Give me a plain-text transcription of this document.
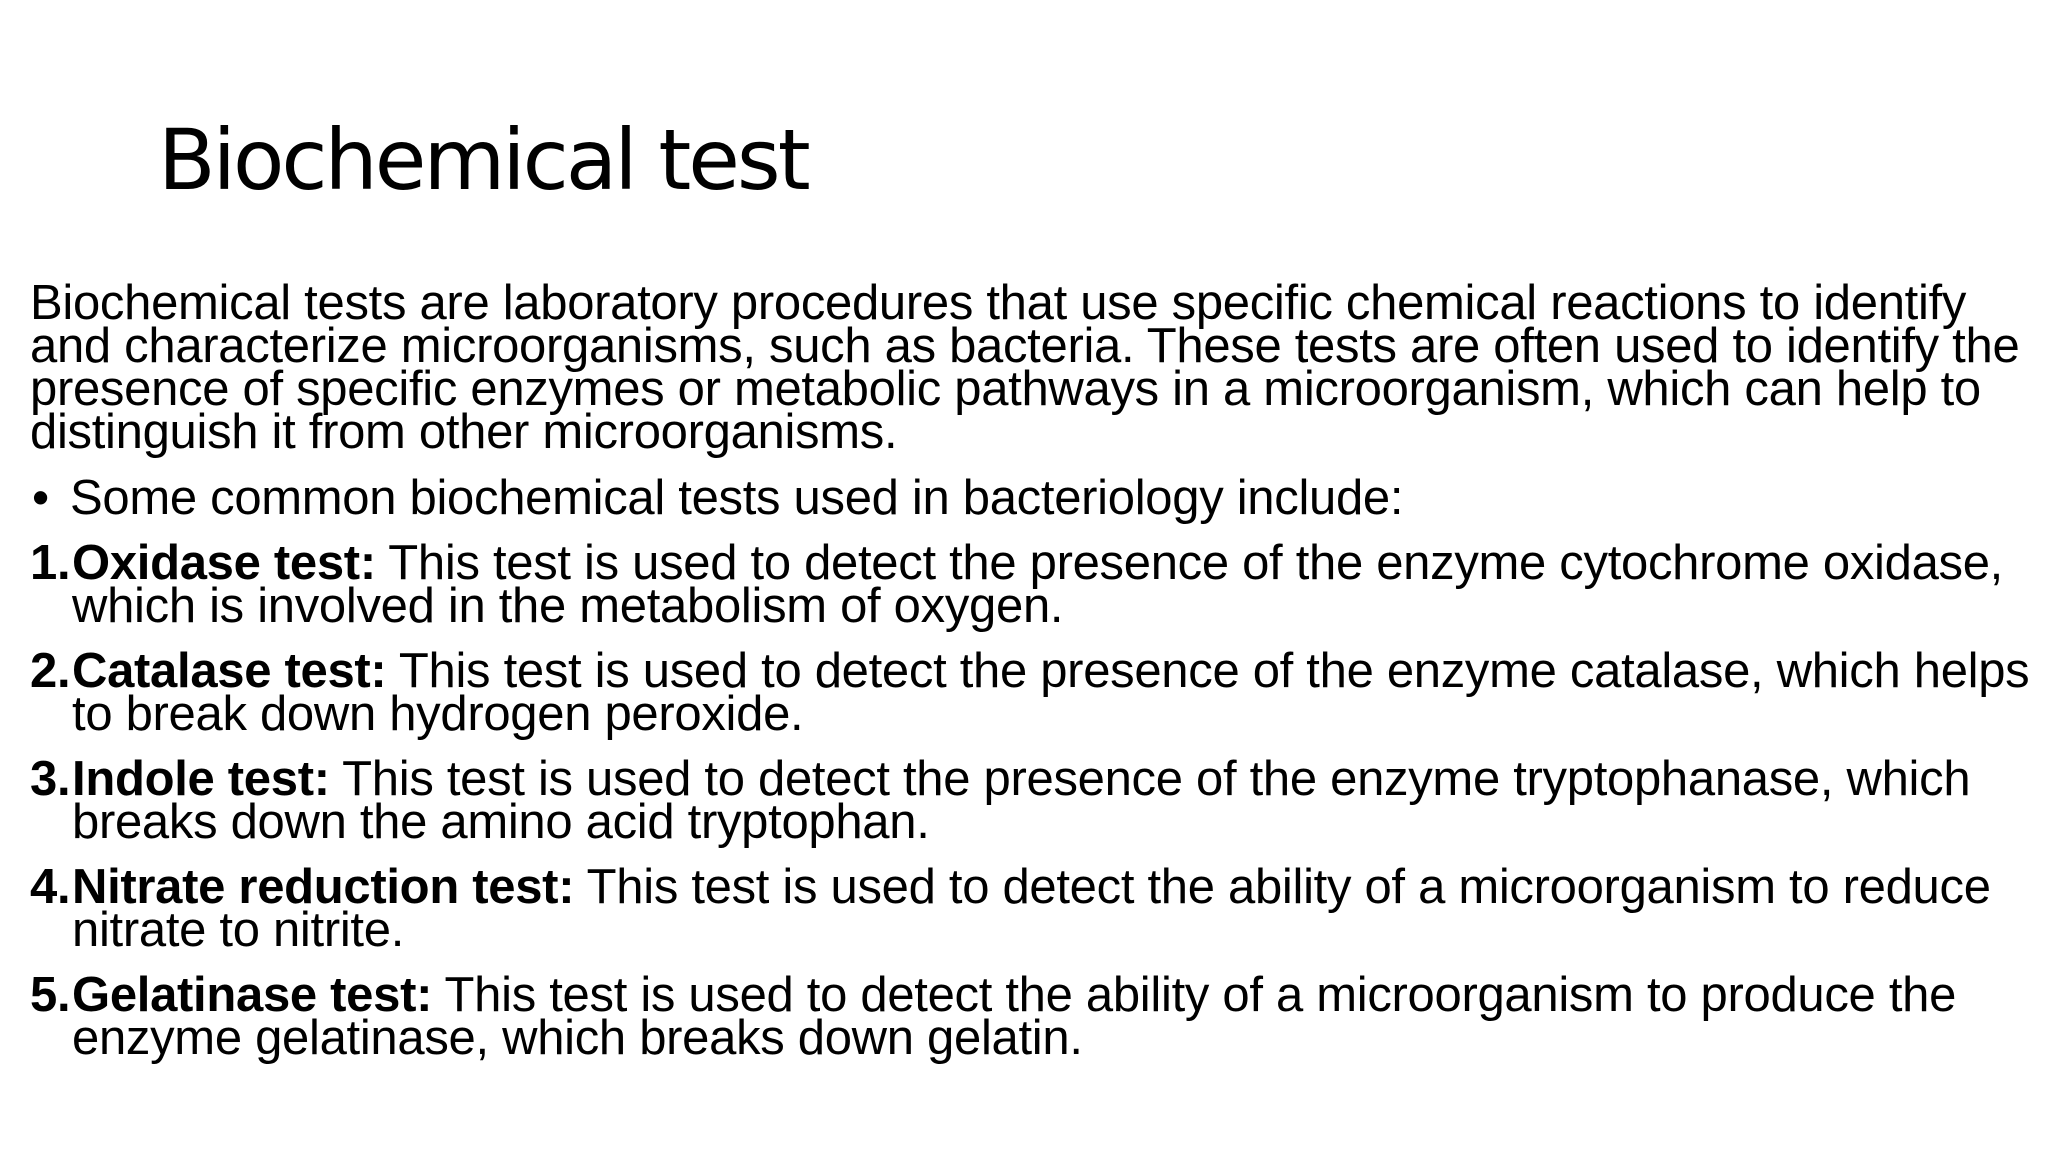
Biochemical test

Biochemical tests are laboratory procedures that use specific chemical reactions to identify and characterize microorganisms, such as bacteria. These tests are often used to identify the presence of specific enzymes or metabolic pathways in a microorganism, which can help to distinguish it from other microorganisms.

• Some common biochemical tests used in bacteriology include:
1. Oxidase test: This test is used to detect the presence of the enzyme cytochrome oxidase, which is involved in the metabolism of oxygen.
2. Catalase test: This test is used to detect the presence of the enzyme catalase, which helps to break down hydrogen peroxide.
3. Indole test: This test is used to detect the presence of the enzyme tryptophanase, which breaks down the amino acid tryptophan.
4. Nitrate reduction test: This test is used to detect the ability of a microorganism to reduce nitrate to nitrite.
5. Gelatinase test: This test is used to detect the ability of a microorganism to produce the enzyme gelatinase, which breaks down gelatin.
